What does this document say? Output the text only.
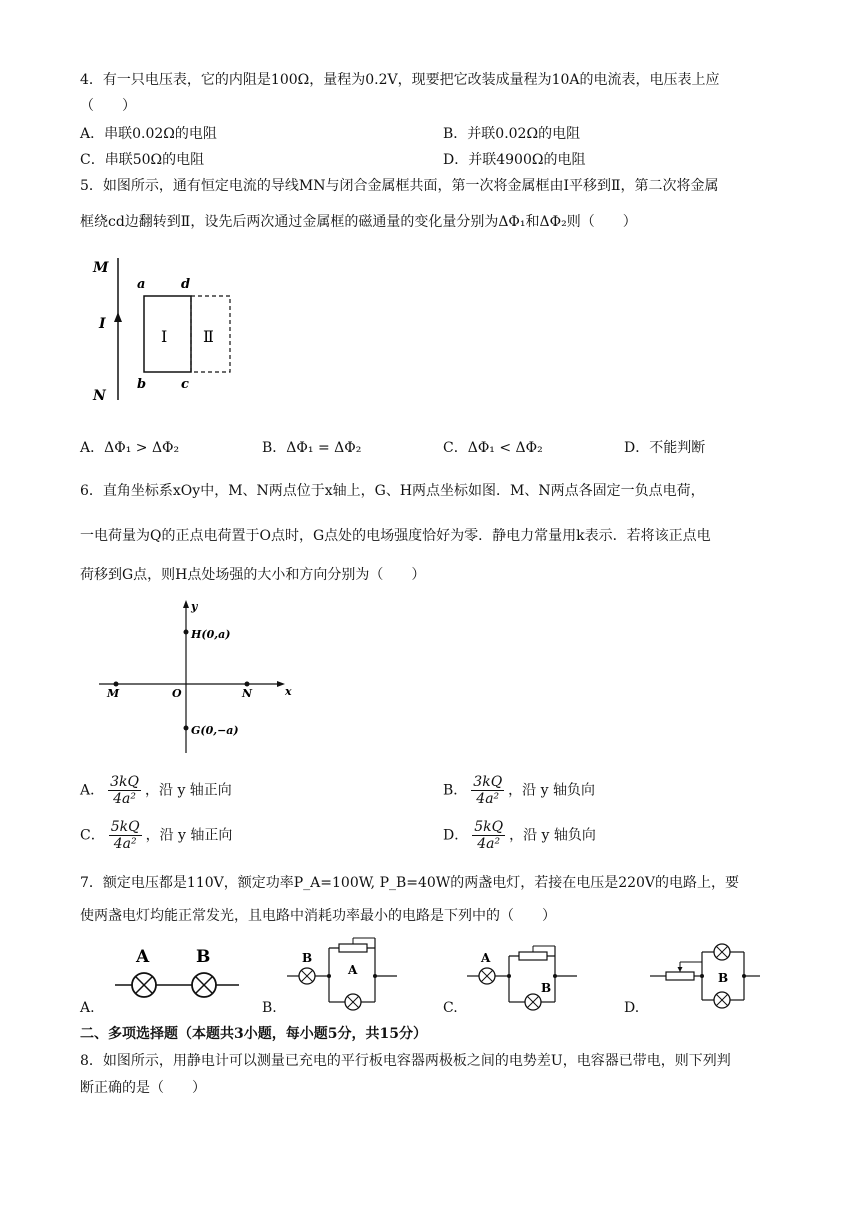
4．有一只电压表，它的内阻是100Ω，量程为0.2V，现要把它改装成量程为10A的电流表，电压表上应
（　　）
A．串联0.02Ω的电阻	B．并联0.02Ω的电阻
C．串联50Ω的电阻	D．并联4900Ω的电阻
5．如图所示，通有恒定电流的导线MN与闭合金属框共面，第一次将金属框由Ⅰ平移到Ⅱ，第二次将金属
框绕cd边翻转到Ⅱ，设先后两次通过金属框的磁通量的变化量分别为ΔΦ₁和ΔΦ₂则（　　）
M
N
I
a	d
b	c
Ⅰ Ⅱ
A．ΔΦ₁ > ΔΦ₂	B．ΔΦ₁ = ΔΦ₂	C．ΔΦ₁ < ΔΦ₂	D．不能判断
6．直角坐标系xOy中，M、N两点位于x轴上，G、H两点坐标如图．M、N两点各固定一负点电荷，
一电荷量为Q的正点电荷置于O点时，G点处的电场强度恰好为零．静电力常量用k表示．若将该正点电
荷移到G点，则H点处场强的大小和方向分别为（　　）
y
x
H(0,a)
G(0,−a)
M	O	N
A． $\frac{3kQ}{\text{4a²}}$ ，沿 y 轴正向	B． $\frac{3kQ}{\text{4a²}}$ ，沿 y 轴负向
C． $\frac{5kQ}{\text{4a²}}$ ，沿 y 轴正向	D． $\frac{5kQ}{\text{4a²}}$ ，沿 y 轴负向
7．额定电压都是110V，额定功率P_A=100W, P_B=40W的两盏电灯，若接在电压是220V的电路上，要
使两盏电灯均能正常发光，且电路中消耗功率最小的电路是下列中的（　　）
A	B
A.
B
A
B.
A
B
C.
B
D.
二、多项选择题（本题共3小题，每小题5分，共15分）
8．如图所示，用静电计可以测量已充电的平行板电容器两极板之间的电势差U，电容器已带电，则下列判
断正确的是（　　）
